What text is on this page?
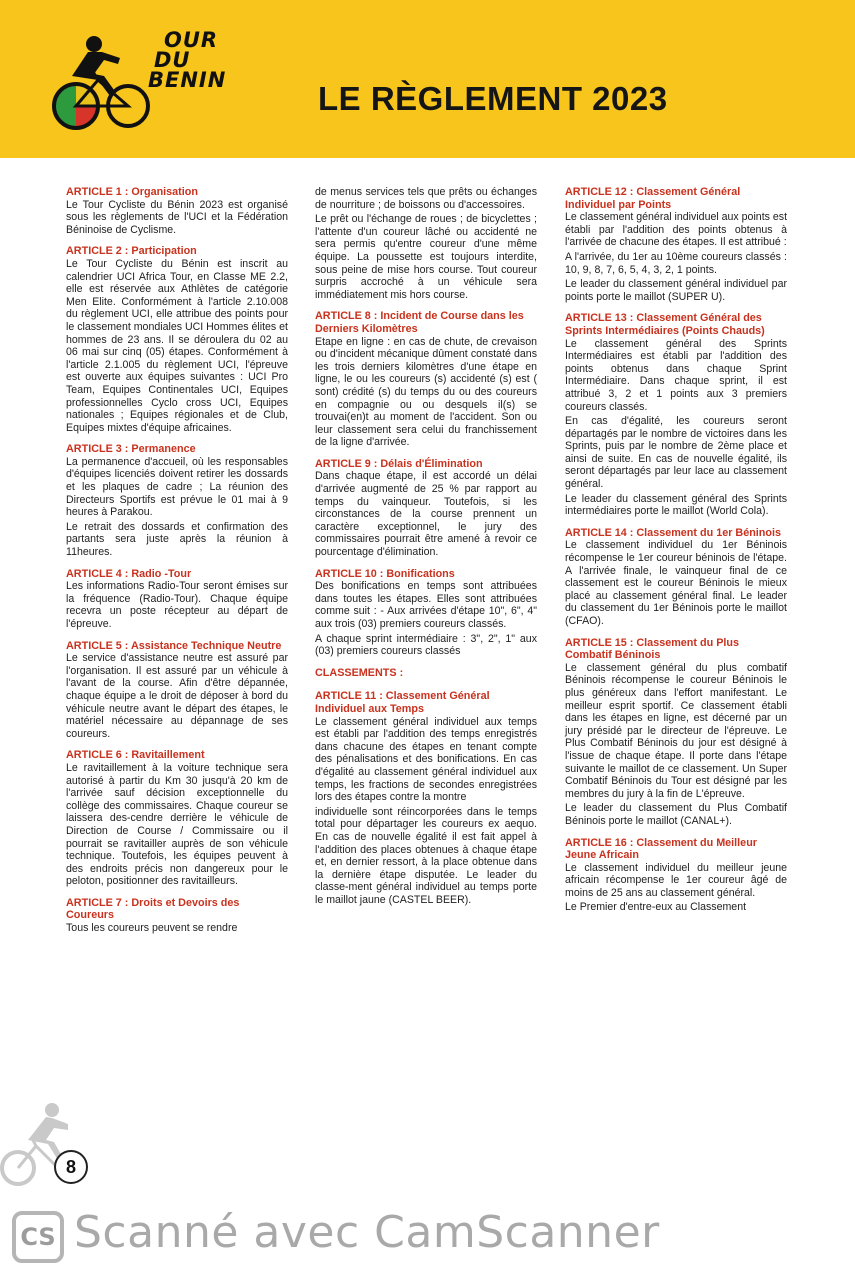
OUR
DU
BENIN	LE RÈGLEMENT 2023
ARTICLE 1 : Organisation

Le Tour Cycliste du Bénin 2023 est organisé sous les règlements de l'UCI et la Fédération Béninoise de Cyclisme.

ARTICLE 2 : Participation

Le Tour Cycliste du Bénin est inscrit au calendrier UCI Africa Tour, en Classe ME 2.2, elle est réservée aux Athlètes de catégorie Men Elite. Conformément à l'article 2.10.008 du règlement UCI, elle attribue des points pour le classement mondiales UCI Hommes élites et hommes de 23 ans. Il se déroulera du 02 au 06 mai sur cinq (05) étapes. Conformément à l'article 2.1.005 du règlement UCI, l'épreuve est ouverte aux équipes suivantes : UCI Pro Team, Equipes Continentales UCI, Equipes professionnelles Cyclo cross UCI, Equipes nationales ; Equipes régionales et de Club, Equipes mixtes d'équipe africaines.

ARTICLE 3 : Permanence

La permanence d'accueil, où les responsables d'équipes licenciés doivent retirer les dossards et les plaques de cadre ; La réunion des Directeurs Sportifs est prévue le 01 mai à 9 heures à Parakou.

Le retrait des dossards et confirmation des partants sera juste après la réunion à 11heures.

ARTICLE 4 : Radio -Tour

Les informations Radio-Tour seront émises sur la fréquence (Radio-Tour). Chaque équipe recevra un poste récepteur au départ de l'épreuve.

ARTICLE 5 : Assistance Technique Neutre

Le service d'assistance neutre est assuré par l'organisation. Il est assuré par un véhicule à l'avant de la course. Afin d'être dépannée, chaque équipe a le droit de déposer à bord du véhicule neutre avant le départ des étapes, le matériel nécessaire au dépannage de ses coureurs.

ARTICLE 6 : Ravitaillement

Le ravitaillement à la voiture technique sera autorisé à partir du Km 30 jusqu'à 20 km de l'arrivée sauf décision exceptionnelle du collège des commissaires. Chaque coureur se laissera des-cendre derrière le véhicule de Direction de Course / Commissaire ou il pourrait se ravitailler auprès de son véhicule technique. Toutefois, les équipes peuvent à des endroits précis non dangereux pour le peloton, positionner des ravitailleurs.

ARTICLE 7 : Droits et Devoirs des Coureurs

Tous les coureurs peuvent se rendre

de menus services tels que prêts ou échanges de nourriture ; de boissons ou d'accessoires.

Le prêt ou l'échange de roues ; de bicyclettes ; l'attente d'un coureur lâché ou accidenté ne sera permis qu'entre coureur d'une même équipe. La poussette est toujours interdite, sous peine de mise hors course. Tout coureur surpris accroché à un véhicule sera immédiatement mis hors course.

ARTICLE 8 : Incident de Course dans les Derniers Kilomètres

Etape en ligne : en cas de chute, de crevaison ou d'incident mécanique dûment constaté dans les trois derniers kilomètres d'une étape en ligne, le ou les coureurs (s) accidenté (s) est ( sont) crédité (s) du temps du ou des coureurs en compagnie ou ou desquels il(s) se trouvai(en)t au moment de l'accident. Son ou leur classement sera celui du franchissement de la ligne d'arrivée.

ARTICLE 9 : Délais d'Élimination

Dans chaque étape, il est accordé un délai d'arrivée augmenté de 25 % par rapport au temps du vainqueur. Toutefois, si les circonstances de la course prennent un caractère exceptionnel, le jury des commissaires pourrait être amené à revoir ce pourcentage d'élimination.

ARTICLE 10 : Bonifications

Des bonifications en temps sont attribuées dans toutes les étapes. Elles sont attribuées comme suit : - Aux arrivées d'étape 10", 6", 4" aux trois (03) premiers coureurs classés.

A chaque sprint intermédiaire : 3", 2", 1" aux (03) premiers coureurs classés

CLASSEMENTS :
ARTICLE 11 : Classement Général Individuel aux Temps

Le classement général individuel aux temps est établi par l'addition des temps enregistrés dans chacune des étapes en tenant compte des pénalisations et des bonifications. En cas d'égalité au classement général individuel aux temps, les fractions de secondes enregistrées lors des étapes contre la montre

individuelle sont réincorporées dans le temps total pour départager les coureurs ex aequo. En cas de nouvelle égalité il est fait appel à l'addition des places obtenues à chaque étape et, en dernier ressort, à la place obtenue dans la dernière étape disputée. Le leader du classe-ment général individuel au temps porte le maillot jaune (CASTEL BEER).

ARTICLE 12 : Classement Général Individuel par Points

Le classement général individuel aux points est établi par l'addition des points obtenus à l'arrivée de chacune des étapes. Il est attribué :

A l'arrivée, du 1er au 10ème coureurs classés : 10, 9, 8, 7, 6, 5, 4, 3, 2, 1 points.

Le leader du classement général individuel par points porte le maillot (SUPER U).

ARTICLE 13 : Classement Général des Sprints Intermédiaires (Points Chauds)

Le classement général des Sprints Intermédiaires est établi par l'addition des points obtenus dans chaque Sprint Intermédiaire. Dans chaque sprint, il est attribué 3, 2 et 1 points aux 3 premiers coureurs classés.

En cas d'égalité, les coureurs seront départagés par le nombre de victoires dans les Sprints, puis par le nombre de 2ème place et ainsi de suite. En cas de nouvelle égalité, ils seront départagés par leur lace au classement général.

Le leader du classement général des Sprints intermédiaires porte le maillot (World Cola).

ARTICLE 14 : Classement du 1er Béninois

Le classement individuel du 1er Béninois récompense le 1er coureur béninois de l'étape. A l'arrivée finale, le vainqueur final de ce classement est le coureur Béninois le mieux placé au classement général final. Le leader du classement du 1er Béninois porte le maillot (CFAO).

ARTICLE 15 : Classement du Plus Combatif Béninois

Le classement général du plus combatif Béninois récompense le coureur Béninois le plus généreux dans l'effort manifestant. Le meilleur esprit sportif. Ce classement établi dans les étapes en ligne, est décerné par un jury présidé par le directeur de l'épreuve. Le Plus Combatif Béninois du jour est désigné à l'issue de chaque étape. Il porte dans l'étape suivante le maillot de ce classement. Un Super Combatif Béninois du Tour est désigné par les membres du jury à la fin de L'épreuve.

Le leader du classement du Plus Combatif Béninois porte le maillot (CANAL+).

ARTICLE 16 : Classement du Meilleur Jeune Africain

Le classement individuel du meilleur jeune africain récompense le 1er coureur âgé de moins de 25 ans au classement général.

Le Premier d'entre-eux au Classement

8
CS Scanné avec CamScanner
